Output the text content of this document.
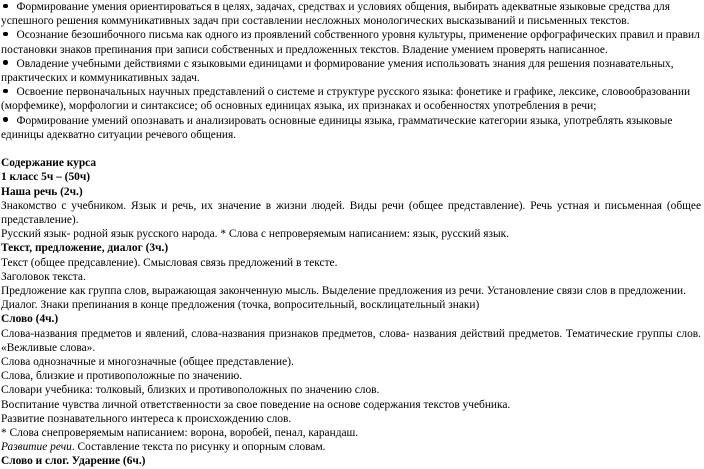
Формирование умения ориентироваться в целях, задачах, средствах и условиях общения, выбирать адекватные языковые средства для успешного решения коммуникативных задач при составлении несложных монологических высказываний и письменных текстов.
Осознание безошибочного письма как одного из проявлений собственного уровня культуры, применение орфографических правил и правил постановки знаков препинания при записи собственных и предложенных текстов. Владение умением проверять написанное.
Овладение учебными действиями с языковыми единицами и формирование умения использовать знания для решения познавательных, практических и коммуникативных задач.
Освоение первоначальных научных представлений о системе и структуре русского языка: фонетике и графике, лексике, словообразовании (морфемике), морфологии и синтаксисе; об основных единицах языка, их признаках и особенностях употребления в речи;
Формирование умений опознавать и анализировать основные единицы языка, грамматические категории языка, употреблять языковые единицы адекватно ситуации речевого общения.

Содержание курса

1 класс 5ч – (50ч)

Наша речь (2ч.)

Знакомство с учебником. Язык и речь, их значение в жизни людей. Виды речи (общее представление). Речь устная и письменная (общее представление).

Русский язык- родной язык русского народа. * Слова с непроверяемым написанием: язык, русский язык.

Текст, предложение, диалог (3ч.)

Текст (общее предсавление). Смысловая связь предложений в тексте.

Заголовок текста.

Предложение как группа слов, выражающая законченную мысль. Выделение предложения из речи. Установление связи слов в предложении.

Диалог. Знаки препинания в конце предложения (точка, вопросительный, восклицательный знаки)

Слово (4ч.)

Слова-названия предметов и явлений, слова-названия признаков предметов, слова- названия действий предметов. Тематические группы слов. «Вежливые слова».

Слова однозначные и многозначные (общее представление).

Слова, близкие и противоположные по значению.

Словари учебника: толковый, близких и противоположных по значению слов.

Воспитание чувства личной ответственности за свое поведение на основе содержания текстов учебника.

Развитие познавательного интереса к происхождению слов.

* Слова снепроверяемым написанием: ворона, воробей, пенал, карандаш.

Развитие речи. Составление текста по рисунку и опорным словам.

Слово и слог. Ударение (6ч.)
